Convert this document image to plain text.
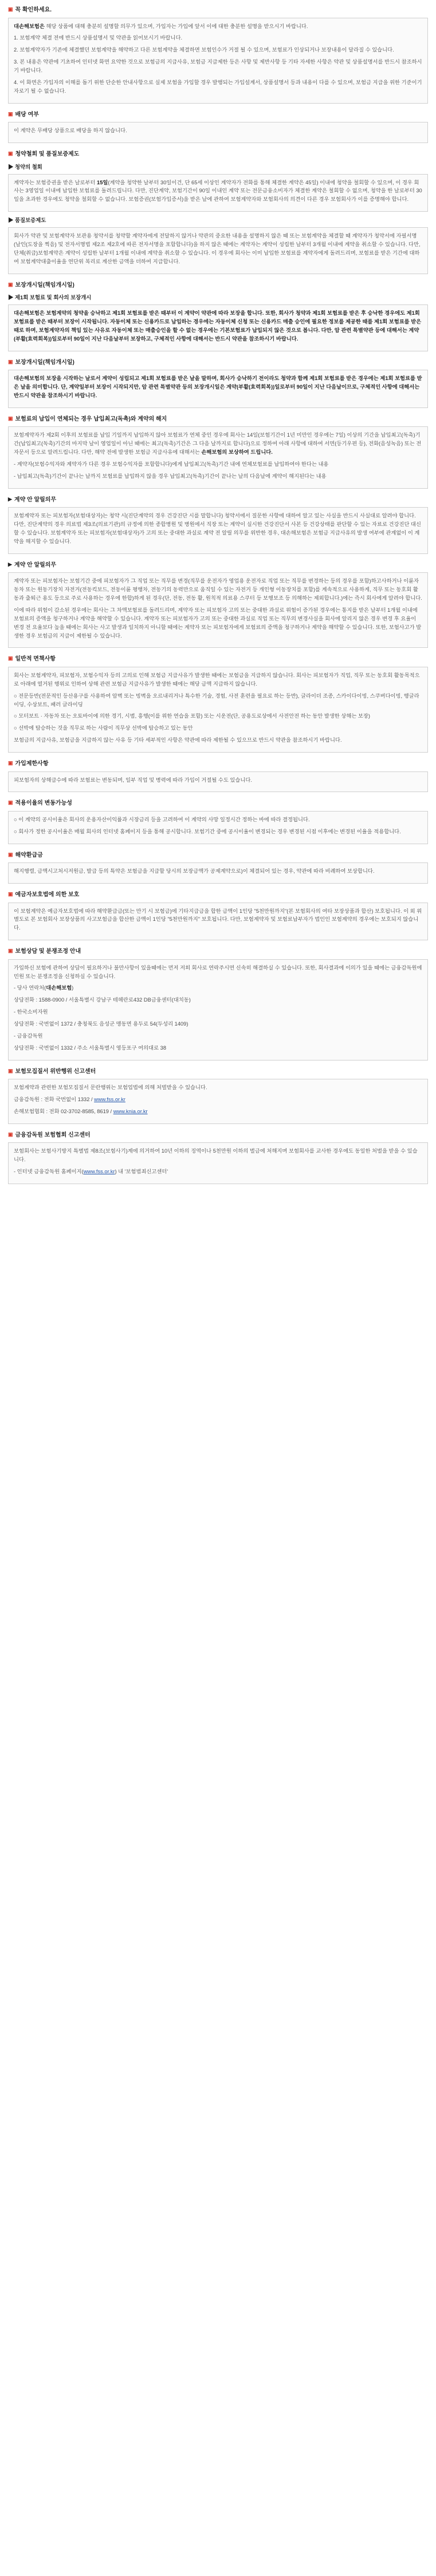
▣ 꼭 확인하세요.

대손해보험은 해당 상품에 대해 충분히 설명할 의무가 있으며, 가입자는 가입에 앞서 이에 대한 충분한 설명을 받으시기 바랍니다.

1. 보험계약 체결 전에 반드시 상품설명서 및 약관을 읽어보시기 바랍니다.

2. 보험계약자가 기존에 체결했던 보험계약을 해약하고 다른 보험계약을 체결하면 보험인수가 거절 될 수 있으며, 보험료가 인상되거나 보장내용이 달라질 수 있습니다.

3. 본 내용은 약관에 기초하여 인터넷 화면 요약한 것으로 보험금의 지급사유, 보험금 지급제한 등은 사항 및 제반사항 등 기타 자세한 사항은 약관 및 상품설명서를 반드시 참조하시기 바랍니다.

4. 이 화면은 가입자의 이해를 돕기 위한 단순한 안내사항으로 실제 보험을 가입할 경우 발행되는 가입설계서, 상품설명서 등과 내용이 다를 수 있으며, 보험금 지급을 위한 기준이기자로기 될 수 없습니다.

▣ 배당 여부

이 계약은 무배당 상품으로 배당을 하지 않습니다.

▣ 청약철회 및 품질보증제도
▶ 청약의 철회

계약자는 보험증권을 받은 날로부터 15일(계약을 청약한 날부터 30일이건, 단 65세 이상인 계약자가 전화를 통해 체결한 계약은 45일) 이내에 청약을 철회할 수 있으며, 이 경우 회사는 3영업일 이내에 납입한 보험료를 돌려드립니다. 다만, 진단계약, 보험기간이 90일 이내인 계약 또는 전문금융소비자가 체결한 계약은 철회할 수 없으며, 청약을 한 날로부터 30일을 초과한 경우에도 청약을 철회할 수 없습니다. 보험증권(보험가입증서)을 받은 날에 관하여 보험계약자와 보험회사의 의견이 다른 경우 보험회사가 이를 증명해야 합니다.

▶ 품질보증제도

회사가 약관 및 보험계약자 보관용 청약서를 청약할 계약자에게 전달하지 않거나 약관의 중요한 내용을 설명하지 않은 때 또는 보험계약을 체결할 때 계약자가 청약서에 자필서명(날인(도장을 찍음) 및 전자서명법 제2조 제2호에 따른 전자서명을 포함합니다)을 하지 않은 때에는 계약자는 계약이 성립한 날부터 3개월 이내에 계약을 취소할 수 있습니다. 다만, 단체(취급)보험계약은 계약이 성립한 날부터 1개월 이내에 계약을 취소할 수 있습니다. 이 경우에 회사는 이미 납입한 보험료를 계약자에게 돌려드리며, 보험료를 받은 기간에 대하여 보험계약대출이율을 연단위 복리로 계산한 금액을 더하여 지급합니다.

▣ 보장개시일(책임개시일)
▶ 제1회 보험료 및 회사의 보장개시

대손해보험은 보험계약의 청약을 승낙하고 제1회 보험료를 받은 때부터 이 계약이 약관에 따라 보장을 합니다. 또한, 회사가 청약과 제1회 보험료를 받은 후 승낙한 경우에도 제1회 보험료를 받은 때부터 보장이 시작됩니다. 자동이체 또는 신용카드로 납입하는 경우에는 자동이체 신청 또는 신용카드 매출 승인에 필요한 정보를 제공한 때를 제1회 보험료를 받은 때로 하며, 보험계약자의 책임 있는 사유로 자동이체 또는 매출승인을 할 수 없는 경우에는 기본보험료가 납입되지 않은 것으로 봅니다. 다만, 암 관련 특별약관 등에 대해서는 계약(부활(효력회복))일로부터 90일이 지난 다음날부터 보장하고, 구체적인 사항에 대해서는 반드시 약관을 참조하시기 바랍니다.

▣ 보장개시일(책임개시일)

대손해보험의 보장을 시작하는 날로서 계약이 성립되고 제1회 보험료를 받은 날을 말하며, 회사가 승낙하기 전이라도 청약과 함께 제1회 보험료를 받은 경우에는 제1회 보험료를 받은 날을 의미합니다. 단, 계약일부터 보장이 시작되지만, 암 관련 특별약관 등의 보장개시일은 계약(부활(효력회복))일로부터 90일이 지난 다음날이므로, 구체적인 사항에 대해서는 반드시 약관을 참조하시기 바랍니다.

▣ 보험료의 납입이 연체되는 경우 납입최고(독촉)와 계약의 해지

보험계약자가 제2회 이후의 보험료를 납입 기일까지 납입하지 않아 보험료가 연체 중인 경우에 회사는 14일(보험기간이 1년 미만인 경우에는 7일) 이상의 기간을 납입최고(독촉)기간(납입최고(독촉)기간의 마지막 날이 영업일이 아닌 때에는 최고(독촉)기간은 그 다음 날까지로 합니다)으로 정하여 아래 사항에 대하여 서면(등기우편 등), 전화(음성녹음) 또는 전자문서 등으로 알려드립니다. 다만, 해약 전에 발생한 보험금 지급사유에 대해서는 손해보험의 보상하여 드립니다.

- 계약자(보험수익자와 계약자가 다른 경우 보험수익자를 포함합니다)에게 납입최고(독촉)기간 내에 연체보험료를 납입하여야 한다는 내용

- 납입최고(독촉)기간이 끝나는 날까지 보험료를 납입하지 않을 경우 납입최고(독촉)기간이 끝나는 날의 다음날에 계약이 해지된다는 내용

▶ 계약 안 알릴의무

보험계약자 또는 피보험자(보험대상자)는 청약 시(진단계약의 경우 건강진단 시를 말합니다) 청약서에서 질문한 사항에 대하여 알고 있는 사실을 반드시 사실대로 알려야 합니다. 다만, 진단계약의 경우 의료법 제3조(의료기관)의 규정에 의한 종합병원 및 병원에서 직장 또는 계약이 실시한 건강진단서 사본 등 건강상태를 판단할 수 있는 자료로 건강진단 대신할 수 있습니다. 보험계약자 또는 피보험자(보험대상자)가 고의 또는 중대한 과실로 계약 전 알릴 의무를 위반한 경우, 대손해보험은 보험금 지급사유의 발생 여부에 관계없이 이 계약을 해지할 수 있습니다.

▶ 계약 안 알릴의무

계약자 또는 피보험자는 보험기간 중에 피보험자가 그 직업 또는 직무를 변경(직무를 운전자가 영업용 운전자로 직업 또는 직무를 변경하는 등의 경우를 포함)하고사하거나 이륜자동차 또는 원동기장치 자전거(전동킥보드, 전동이륜 평행차, 전동기의 동력만으로 움직일 수 있는 자전거 등 개인형 이동장치를 포함)를 계속적으로 사용하게, 직무 또는 동호회 활동과 출퇴근 용도 등으로 주로 사용하는 경우에 한합)하게 된 경우(단, 전동, 전동 활, 원칙적 의료용 스쿠터 등 보행보조 등 의해하는 제외합니다.)에는 즉시 회사에게 알려야 합니다.

이에 따라 위험이 감소된 경우에는 회사는 그 차액보험료를 돌려드리며, 계약자 또는 피보험자 고의 또는 중대한 과실로 위험이 증가된 경우에는 통지를 받은 날부터 1개월 이내에 보험료의 증액을 청구하거나 계약을 해약할 수 있습니다. 계약자 또는 피보험자가 고의 또는 중대한 과실로 직업 또는 직무의 변경사실을 회사에 알리지 않은 경우 변경 후 요율이 변경 전 요율보다 높을 때에는 회사는 사고 발생과 일치하지 아니할 때에는 계약자 또는 피보험자에게 보험료의 증액을 청구하거나 계약을 해약할 수 있습니다. 또한, 보험사고가 발생한 경우 보험금의 지급이 제한될 수 있습니다.

▣ 일반적 면책사항

회사는 보험계약자, 피보험자, 보험수익자 등의 고의로 인해 보험금 지급사유가 발생한 때에는 보험금을 지급하지 않습니다. 회사는 피보험자가 직업, 직무 또는 동호회 활동목적으로 아래에 열거된 행위로 인하여 상해 관련 보험금 지급사유가 발생한 때에는 해당 금액 지급하지 않습니다.

○ 전문등반(전문적인 등산용구를 사용하여 암벽 또는 빙벽을 오르내리거나 특수한 기술, 경험, 사전 훈련을 필요로 하는 등반), 글라이더 조종, 스카이다이빙, 스쿠버다이빙, 행글라이딩, 수상보트, 패러 글라이딩

○ 모터보트 · 자동차 또는 오토바이에 의한 경기, 시범, 흥행(이를 위한 연습을 포함) 또는 시운전(단, 공용도로상에서 사전안전 하는 동안 발생한 상해는 보장)

○ 선박에 탑승하는 것을 직무로 하는 사람이 직무상 선박에 탑승하고 있는 동안

보험금의 지급사유, 보험금을 지급하지 않는 사유 등 기타 세부적인 사항은 약관에 따라 제한될 수 있으므로 반드시 약관을 참조하시기 바랍니다.

▣ 가입제한사항

피보험자의 상해급수에 따라 보험료는 변동되며, 일부 직업 및 병력에 따라 가입이 거절될 수도 있습니다.

▣ 적용이율의 변동가능성

○ 이 계약의 공시이율은 회사의 운용자산이익률과 시장금리 등을 고려하여 이 계약의 사망 일정시간 정하는 바에 따라 결정됩니다.

○ 회사가 정한 공시이율은 매월 회사의 인터넷 홈페이지 등을 통해 공시합니다. 보험기간 중에 공시이율이 변경되는 경우 변경된 시점 이후에는 변경된 이율을 적용합니다.

▣ 해약환급금

해지행렬, 금액시고처시저원금, 발급 등의 특약은 보험금을 지급할 당시의 보장금액가 공제계약으로)이 체결되어 있는 경우, 약관에 따라 비례하여 보상합니다.

▣ 예금자보호법에 의한 보호

이 보험계약은 예금자보호법에 따라 해약환급금(또는 만기 시 보험금)에 기타지급금을 합한 금액이 1인당 "5천만원까지"(본 보험회사의 여타 보장상품과 합산) 보호됩니다. 이 외 위 별도로 본 보험회사 보장상품의 사고보험금을 합산한 금액이 1인당 "5천만원까지" 보호됩니다. 다만, 보험계약자 및 보험료납부자가 법인인 보험계약의 경우에는 보호되지 않습니다.

▣ 보험상담 및 분쟁조정 안내

가입하신 보험에 관하여 상담이 필요하거나 불만사항이 있을때에는 먼저 저희 회사로 연락주시면 신속히 해결하실 수 있습니다. 또한, 회사결과에 이의가 있을 때에는 금융감독원에 민원 또는 분쟁조정을 신청하실 수 있습니다.

- 당사 연락처(대손해보험)

상담전화 : 1588-0900 / 서울특별시 강남구 테헤란로432 DB금융센터(대치동)

- 한국소비자원

상담전화 : 국번없이 1372 / 충청북도 음성군 맹동면 용두로 54(두성리 1409)

- 금융감독원

상담전화 : 국번없이 1332 / 주소 서울특별시 영등포구 여의대로 38

▣ 보험모집질서 위반행위 신고센터

보험계약과 관련한 보험모집질서 문란행위는 보험업법에 의해 처벌받을 수 있습니다.

금융감독원 : 전화 국번없이 1332 / www.fss.or.kr

손해보험협회 : 전화 02-3702-8585, 8619 / www.knia.or.kr

▣ 금융감독원 보험협회 신고센터

보험회사는 보험사기방지 특별법 제8조(보험사기)계에 의거하여 10년 이하의 징역이나 5천만원 이하의 벌금에 처해지며 보험회사를 교사한 경우에도 동일한 처벌을 받을 수 있습니다.

- 인터넷 금융감독원 홈페이지(www.fss.or.kr) 내 '보험범죄신고센터'
